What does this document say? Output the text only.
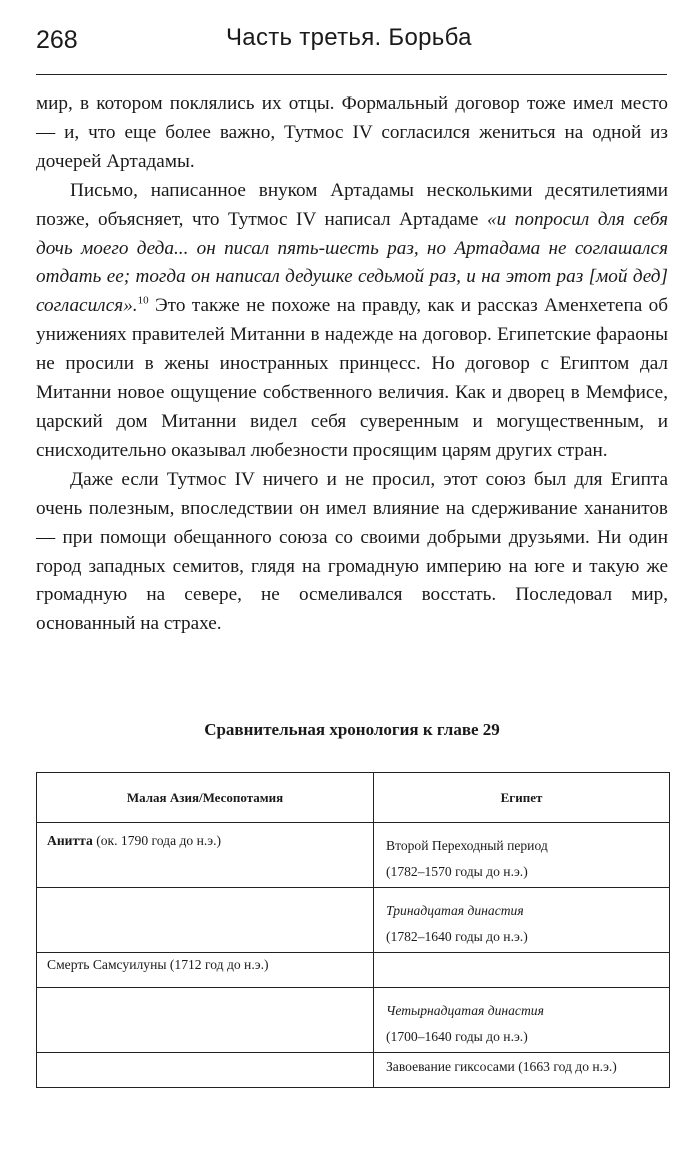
268	Часть третья. Борьба

мир, в котором поклялись их отцы. Формальный договор тоже имел место — и, что еще более важно, Тутмос IV согласился жениться на одной из дочерей Артадамы.

Письмо, написанное внуком Артадамы несколькими десятилетиями позже, объясняет, что Тутмос IV написал Артадаме «и попросил для себя дочь моего деда... он писал пять-шесть раз, но Артадама не соглашался отдать ее; тогда он написал дедушке седьмой раз, и на этот раз [мой дед] согласился».$^{10}$ Это также не похоже на правду, как и рассказ Аменхетепа об унижениях правителей Митанни в надежде на договор. Египетские фараоны не просили в жены иностранных принцесс. Но договор с Египтом дал Митанни новое ощущение собственного величия. Как и дворец в Мемфисе, царский дом Митанни видел себя суверенным и могущественным, и снисходительно оказывал любезности просящим царям других стран.

Даже если Тутмос IV ничего и не просил, этот союз был для Египта очень полезным, впоследствии он имел влияние на сдерживание хананитов — при помощи обещанного союза со своими добрыми друзьями. Ни один город западных семитов, глядя на громадную империю на юге и такую же громадную на севере, не осмеливался восстать. Последовал мир, основанный на страхе.

Сравнительная хронология к главе 29
Малая Азия/Месопотамия	Египет
Анитта (ок. 1790 года до н.э.)	Второй Переходный период
(1782–1570 годы до н.э.)

	Тринадцатая династия
(1782–1640 годы до н.э.)

Смерть Самсуилуны (1712 год до н.э.)	

	Четырнадцатая династия
(1700–1640 годы до н.э.)

	Завоевание гиксосами (1663 год до н.э.)
